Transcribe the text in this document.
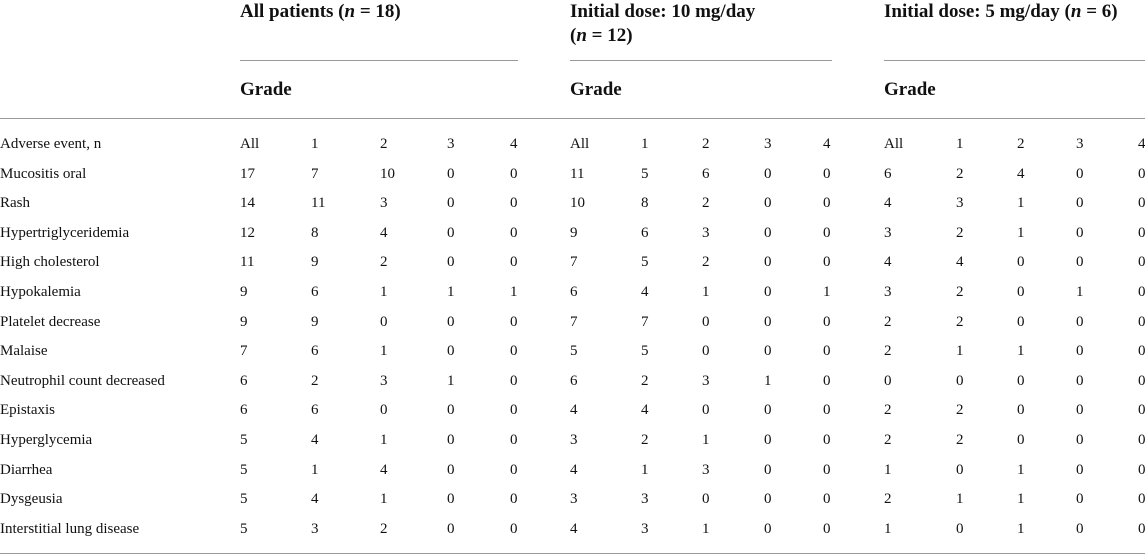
All patients (n = 18)	Initial dose: 10 mg/day
(n = 12)
Initial dose: 5 mg/day (n = 6)
Grade	Grade	Grade
Adverse event, n	All	1	2	3	4	All	1	2	3	4	All	1	2	3	4
Mucositis oral	17	7	10	0	0	11	5	6	0	0	6	2	4	0	0
Rash	14	11	3	0	0	10	8	2	0	0	4	3	1	0	0
Hypertriglyceridemia	12	8	4	0	0	9	6	3	0	0	3	2	1	0	0
High cholesterol	11	9	2	0	0	7	5	2	0	0	4	4	0	0	0
Hypokalemia	9	6	1	1	1	6	4	1	0	1	3	2	0	1	0
Platelet decrease	9	9	0	0	0	7	7	0	0	0	2	2	0	0	0
Malaise	7	6	1	0	0	5	5	0	0	0	2	1	1	0	0
Neutrophil count decreased	6	2	3	1	0	6	2	3	1	0	0	0	0	0	0
Epistaxis	6	6	0	0	0	4	4	0	0	0	2	2	0	0	0
Hyperglycemia	5	4	1	0	0	3	2	1	0	0	2	2	0	0	0
Diarrhea	5	1	4	0	0	4	1	3	0	0	1	0	1	0	0
Dysgeusia	5	4	1	0	0	3	3	0	0	0	2	1	1	0	0
Interstitial lung disease	5	3	2	0	0	4	3	1	0	0	1	0	1	0	0
